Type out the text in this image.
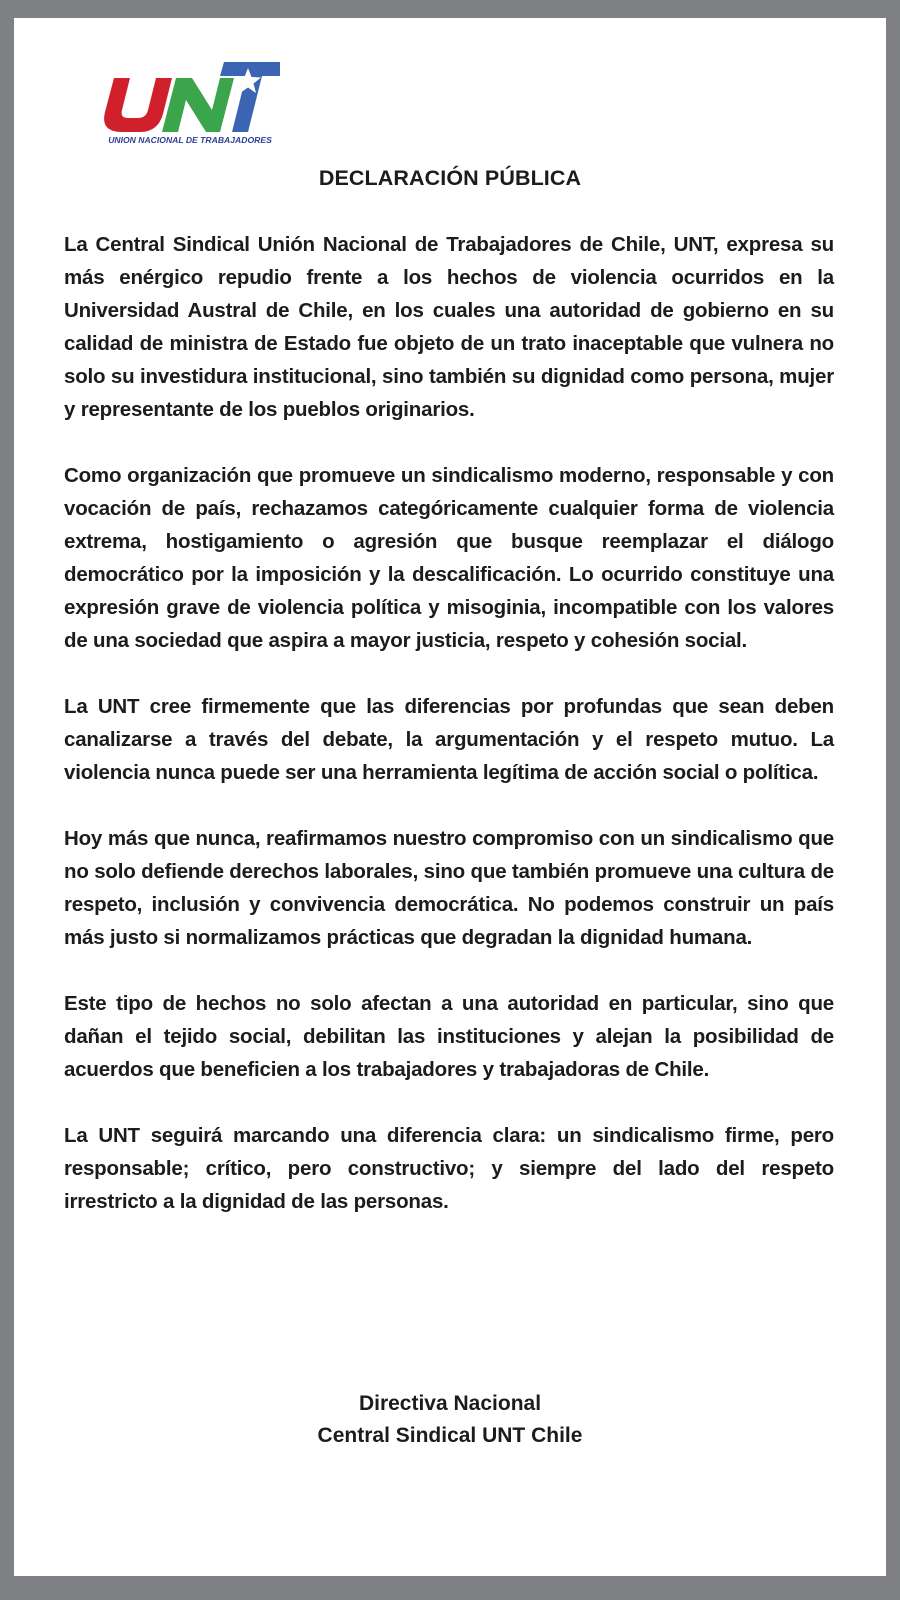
UNION NACIONAL DE TRABAJADORES
DECLARACIÓN PÚBLICA

La Central Sindical Unión Nacional de Trabajadores de Chile, UNT, expresa su más enérgico repudio frente a los hechos de violencia ocurridos en la Universidad Austral de Chile, en los cuales una autoridad de gobierno en su calidad de ministra de Estado fue objeto de un trato inaceptable que vulnera no solo su investidura institucional, sino también su dignidad como persona, mujer y representante de los pueblos originarios.

Como organización que promueve un sindicalismo moderno, responsable y con vocación de país, rechazamos categóricamente cualquier forma de violencia extrema, hostigamiento o agresión que busque reemplazar el diálogo democrático por la imposición y la descalificación. Lo ocurrido constituye una expresión grave de violencia política y misoginia, incompatible con los valores de una sociedad que aspira a mayor justicia, respeto y cohesión social.

La UNT cree firmemente que las diferencias por profundas que sean deben canalizarse a través del debate, la argumentación y el respeto mutuo. La violencia nunca puede ser una herramienta legítima de acción social o política.

Hoy más que nunca, reafirmamos nuestro compromiso con un sindicalismo que no solo defiende derechos laborales, sino que también promueve una cultura de respeto, inclusión y convivencia democrática. No podemos construir un país más justo si normalizamos prácticas que degradan la dignidad humana.

Este tipo de hechos no solo afectan a una autoridad en particular, sino que dañan el tejido social, debilitan las instituciones y alejan la posibilidad de acuerdos que beneficien a los trabajadores y trabajadoras de Chile.

La UNT seguirá marcando una diferencia clara: un sindicalismo firme, pero responsable; crítico, pero constructivo; y siempre del lado del respeto irrestricto a la dignidad de las personas.

Directiva Nacional
Central Sindical UNT Chile
